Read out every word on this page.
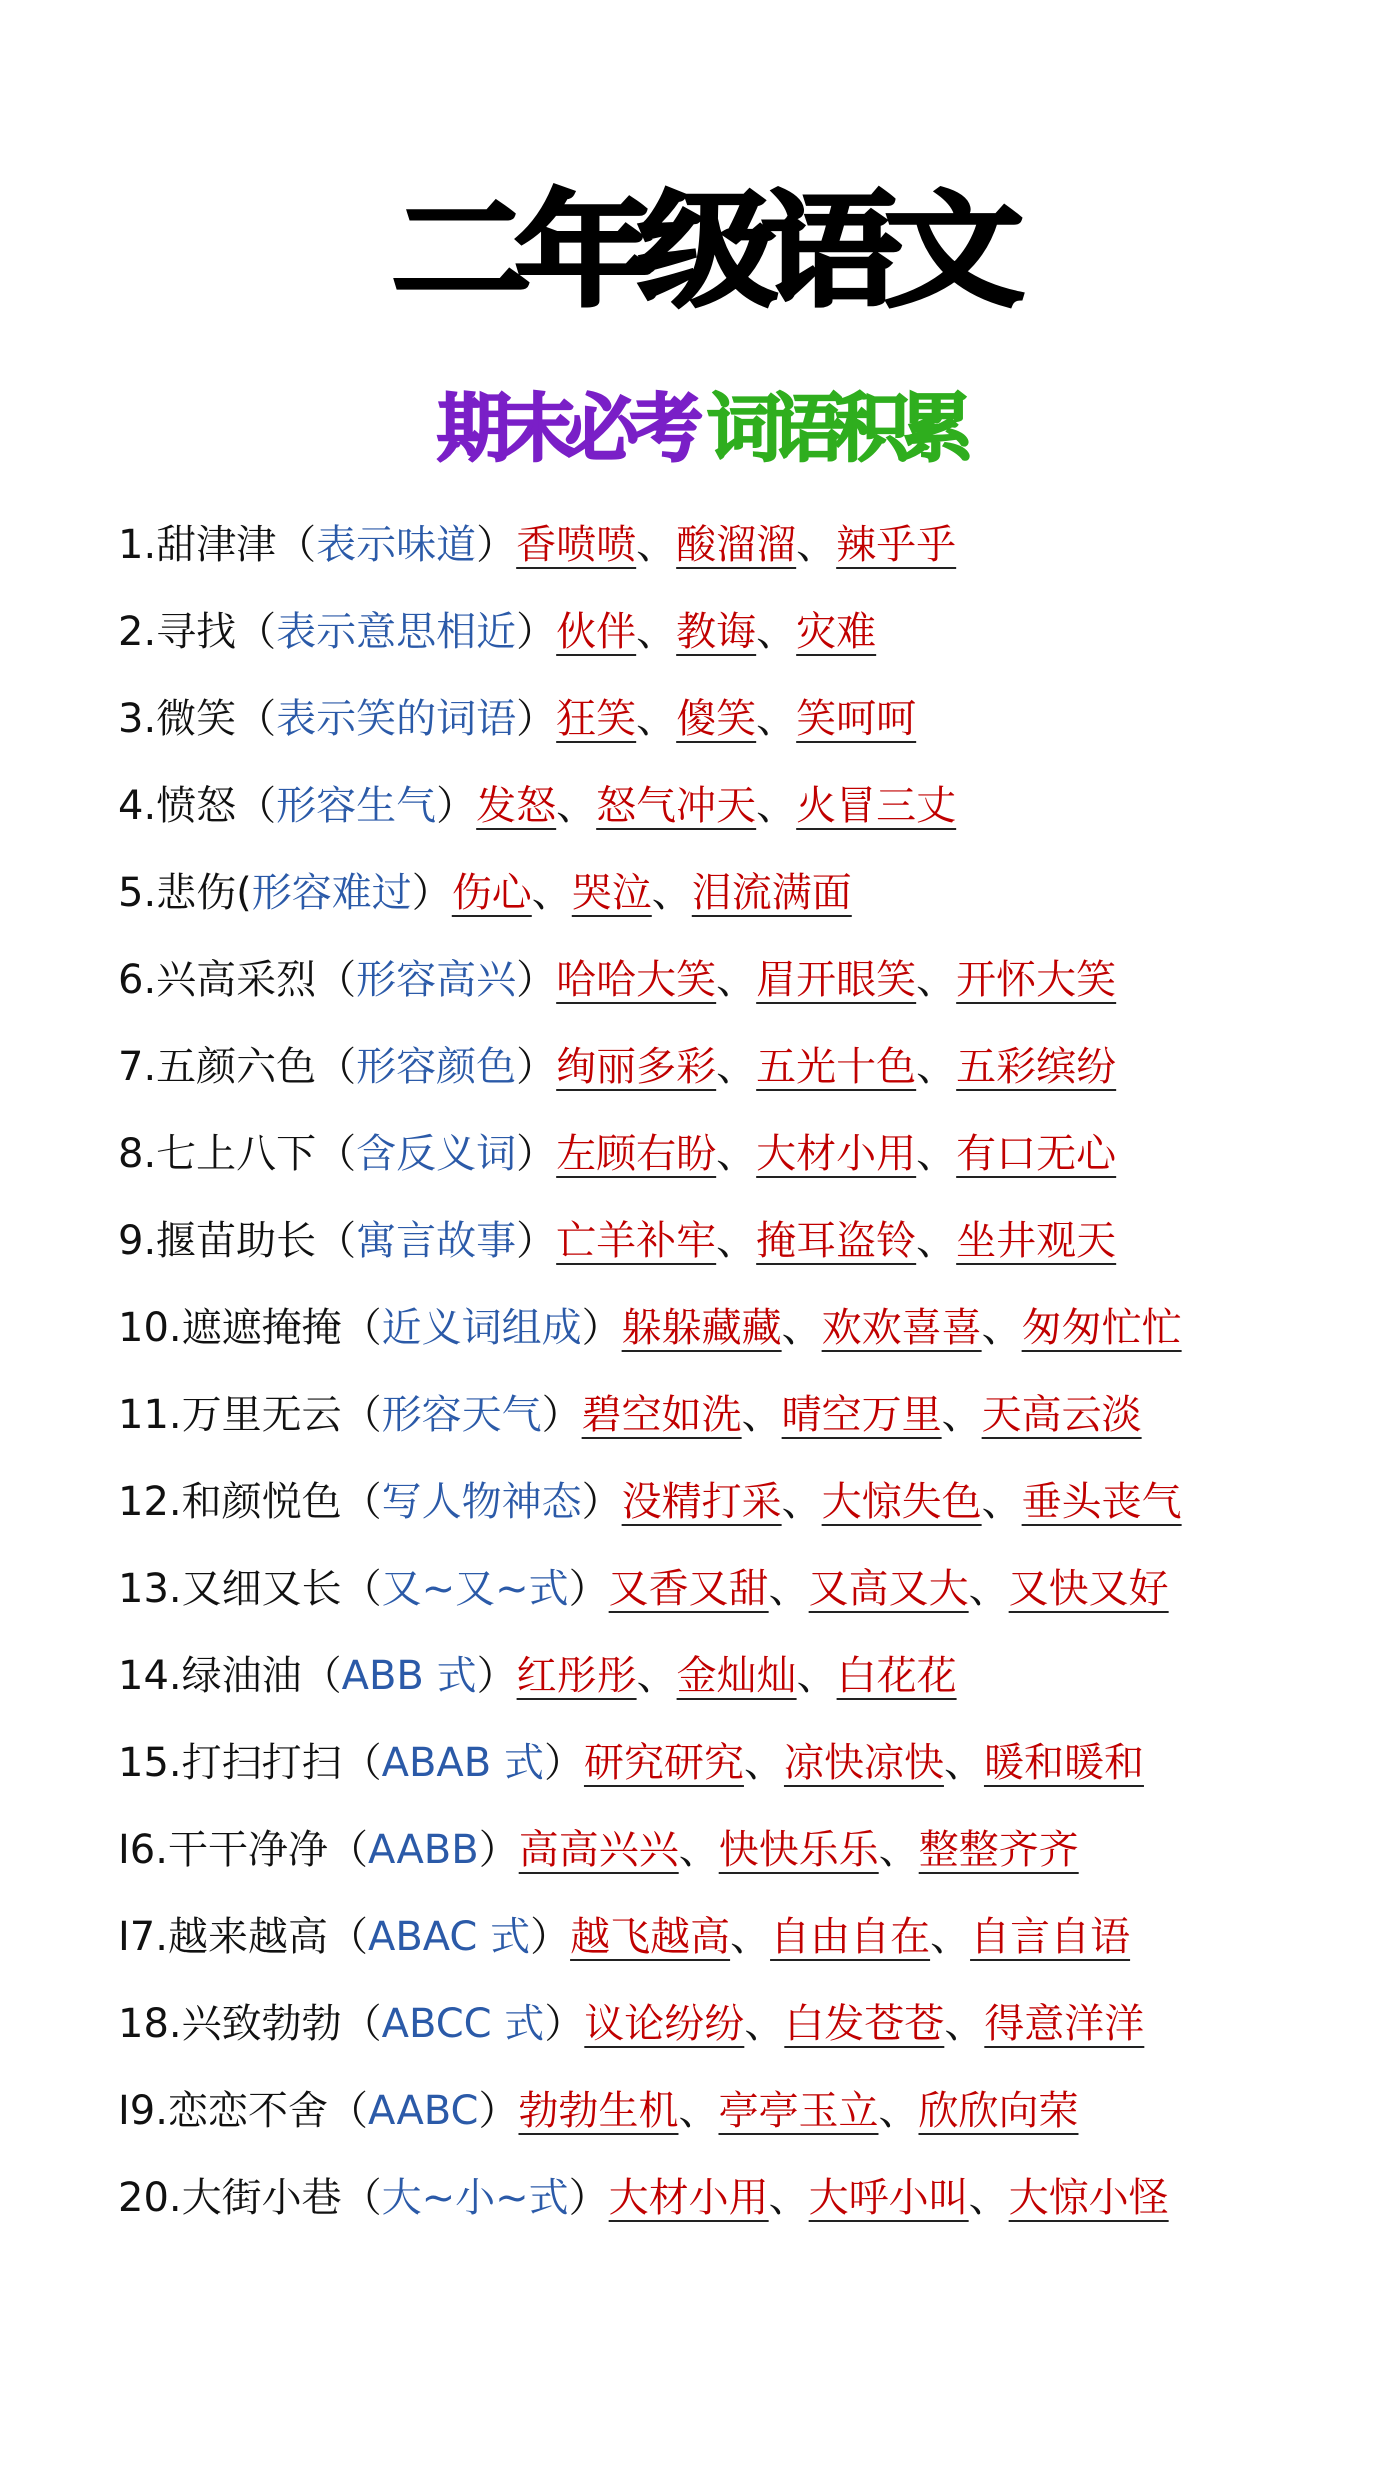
二年级语文
期末必考 词语积累
1.甜津津（表示味道）香喷喷、酸溜溜、辣乎乎
2.寻找（表示意思相近）伙伴、教诲、灾难
3.微笑（表示笑的词语）狂笑、傻笑、笑呵呵
4.愤怒（形容生气）发怒、怒气冲天、火冒三丈
5.悲伤(形容难过）伤心、哭泣、泪流满面
6.兴高采烈（形容高兴）哈哈大笑、眉开眼笑、开怀大笑
7.五颜六色（形容颜色）绚丽多彩、五光十色、五彩缤纷
8.七上八下（含反义词）左顾右盼、大材小用、有口无心
9.揠苗助长（寓言故事）亡羊补牢、掩耳盗铃、坐井观天
10.遮遮掩掩（近义词组成）躲躲藏藏、欢欢喜喜、匆匆忙忙
11.万里无云（形容天气）碧空如洗、晴空万里、天高云淡
12.和颜悦色（写人物神态）没精打采、大惊失色、垂头丧气
13.又细又长（又~又~式）又香又甜、又高又大、又快又好
14.绿油油（ABB 式）红彤彤、金灿灿、白花花
15.打扫打扫（ABAB 式）研究研究、凉快凉快、暖和暖和
I6.干干净净（AABB）高高兴兴、快快乐乐、整整齐齐
I7.越来越高（ABAC 式）越飞越高、自由自在、自言自语
18.兴致勃勃（ABCC 式）议论纷纷、白发苍苍、得意洋洋
I9.恋恋不舍（AABC）勃勃生机、亭亭玉立、欣欣向荣
20.大街小巷（大~小~式）大材小用、大呼小叫、大惊小怪
